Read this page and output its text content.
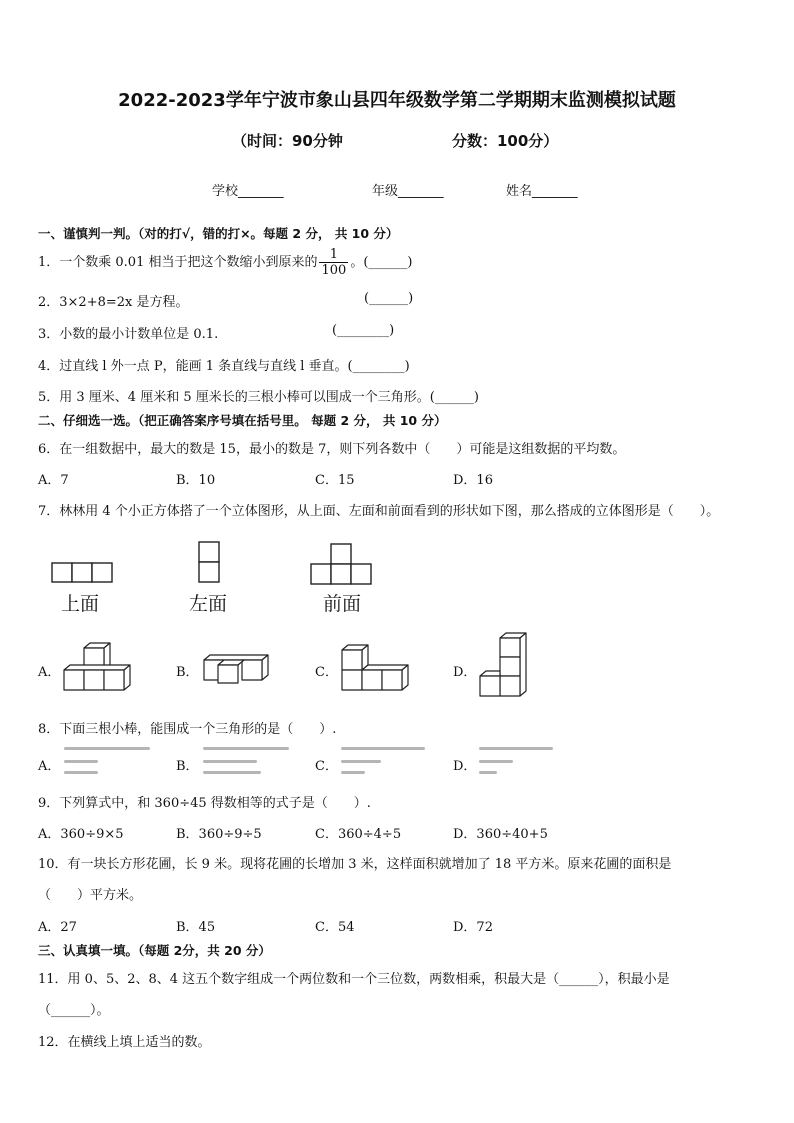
2022-2023学年宁波市象山县四年级数学第二学期期末监测模拟试题
（时间：90分钟	分数：100分）
学校_______	年级_______	姓名_______
一、谨慎判一判。（对的打√，错的打×。每题 2 分， 共 10 分）
1．一个数乘 0.01 相当于把这个数缩小到原来的 $\frac{1}{100}$ 。(______)
2．3×2+8=2x 是方程。	(______)
3．小数的最小计数单位是 0.1.	(________)
4．过直线 l 外一点 P，能画 1 条直线与直线 l 垂直。(________)
5．用 3 厘米、4 厘米和 5 厘米长的三根小棒可以围成一个三角形。(______)
二、仔细选一选。（把正确答案序号填在括号里。 每题 2 分， 共 10 分）
6．在一组数据中，最大的数是 15，最小的数是 7，则下列各数中（　　）可能是这组数据的平均数。
A．7	B．10	C．15	D．16
7．林林用 4 个小正方体搭了一个立体图形，从上面、左面和前面看到的形状如下图，那么搭成的立体图形是（　　）。
上面	左面	前面
A．	B．	C．	D．
8．下面三根小棒，能围成一个三角形的是（　　）.
A．	B．	C．	D．
9．下列算式中，和 360÷45 得数相等的式子是（　　）.
A．360÷9×5	B．360÷9÷5	C．360÷4÷5	D．360÷40+5
10．有一块长方形花圃，长 9 米。现将花圃的长增加 3 米，这样面积就增加了 18 平方米。原来花圃的面积是
（　　）平方米。
A．27	B．45	C．54	D．72
三、认真填一填。（每题 2分，共 20 分）
11．用 0、5、2、8、4 这五个数字组成一个两位数和一个三位数，两数相乘，积最大是（______），积最小是
（______）。
12．在横线上填上适当的数。
